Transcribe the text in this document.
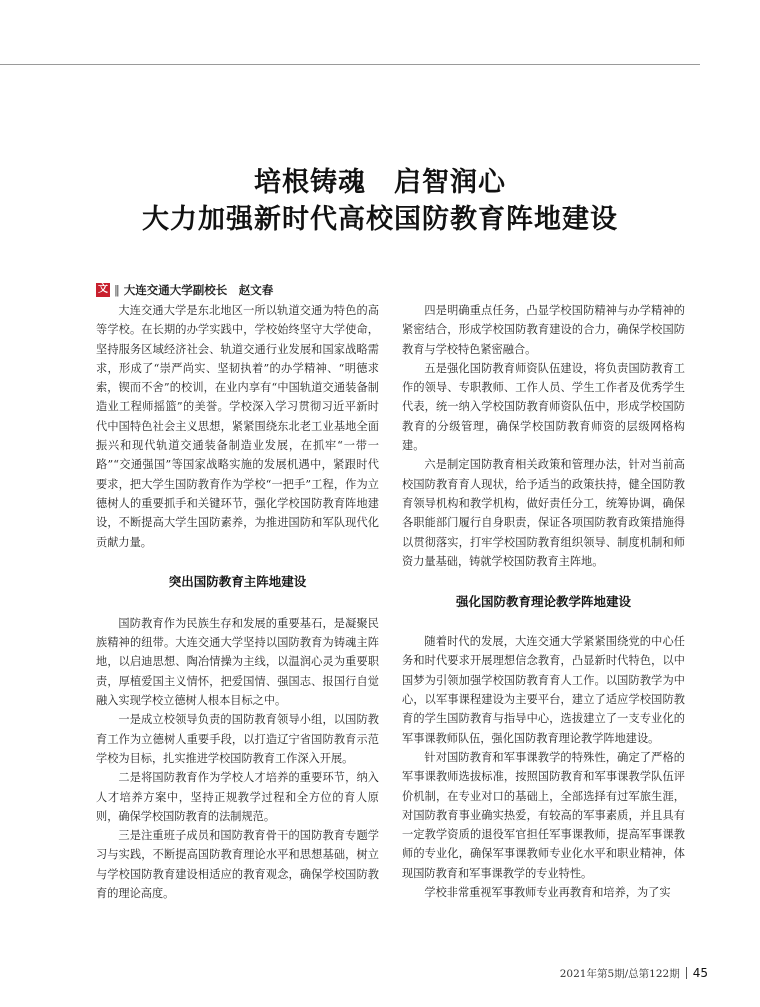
培根铸魂　启智润心
大力加强新时代高校国防教育阵地建设
文 || 大连交通大学副校长　赵文春

大连交通大学是东北地区一所以轨道交通为特色的高等学校。在长期的办学实践中，学校始终坚守大学使命，坚持服务区域经济社会、轨道交通行业发展和国家战略需求，形成了“崇严尚实、坚韧执着”的办学精神、“明德求索，锲而不舍”的校训，在业内享有“中国轨道交通装备制造业工程师摇篮”的美誉。学校深入学习贯彻习近平新时代中国特色社会主义思想，紧紧围绕东北老工业基地全面振兴和现代轨道交通装备制造业发展，在抓牢“一带一路”“交通强国”等国家战略实施的发展机遇中，紧跟时代要求，把大学生国防教育作为学校“一把手”工程，作为立德树人的重要抓手和关键环节，强化学校国防教育阵地建设，不断提高大学生国防素养，为推进国防和军队现代化贡献力量。

突出国防教育主阵地建设

国防教育作为民族生存和发展的重要基石，是凝聚民族精神的纽带。大连交通大学坚持以国防教育为铸魂主阵地，以启迪思想、陶冶情操为主线，以温润心灵为重要职责，厚植爱国主义情怀，把爱国情、强国志、报国行自觉融入实现学校立德树人根本目标之中。

一是成立校领导负责的国防教育领导小组，以国防教育工作为立德树人重要手段，以打造辽宁省国防教育示范学校为目标，扎实推进学校国防教育工作深入开展。

二是将国防教育作为学校人才培养的重要环节，纳入人才培养方案中，坚持正规教学过程和全方位的育人原则，确保学校国防教育的法制规范。

三是注重班子成员和国防教育骨干的国防教育专题学习与实践，不断提高国防教育理论水平和思想基础，树立与学校国防教育建设相适应的教育观念，确保学校国防教育的理论高度。

四是明确重点任务，凸显学校国防精神与办学精神的紧密结合，形成学校国防教育建设的合力，确保学校国防教育与学校特色紧密融合。

五是强化国防教育师资队伍建设，将负责国防教育工作的领导、专职教师、工作人员、学生工作者及优秀学生代表，统一纳入学校国防教育师资队伍中，形成学校国防教育的分级管理，确保学校国防教育师资的层级网格构建。

六是制定国防教育相关政策和管理办法，针对当前高校国防教育育人现状，给予适当的政策扶持，健全国防教育领导机构和教学机构，做好责任分工，统筹协调，确保各职能部门履行自身职责，保证各项国防教育政策措施得以贯彻落实，打牢学校国防教育组织领导、制度机制和师资力量基础，铸就学校国防教育主阵地。

强化国防教育理论教学阵地建设

随着时代的发展，大连交通大学紧紧围绕党的中心任务和时代要求开展理想信念教育，凸显新时代特色，以中国梦为引领加强学校国防教育育人工作。以国防教学为中心，以军事课程建设为主要平台，建立了适应学校国防教育的学生国防教育与指导中心，选拔建立了一支专业化的军事课教师队伍，强化国防教育理论教学阵地建设。

针对国防教育和军事课教学的特殊性，确定了严格的军事课教师选拔标准，按照国防教育和军事课教学队伍评价机制，在专业对口的基础上，全部选择有过军旅生涯，对国防教育事业确实热爱，有较高的军事素质，并且具有一定教学资质的退役军官担任军事课教师，提高军事课教师的专业化，确保军事课教师专业化水平和职业精神，体现国防教育和军事课教学的专业特性。

学校非常重视军事教师专业再教育和培养，为了实

2021年第5期/总第122期 45
